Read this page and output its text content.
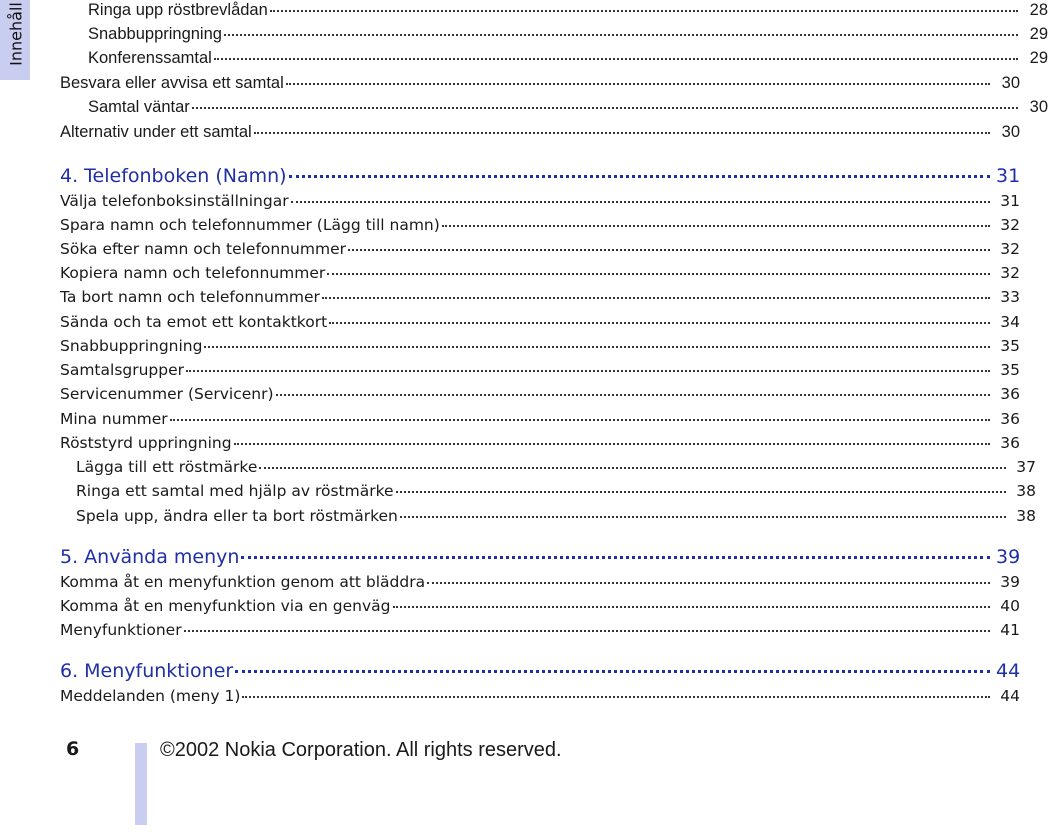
Innehåll	Ringa upp röstbrevlådan	28
Snabbuppringning	29
Konferenssamtal	29
Besvara eller avvisa ett samtal	30
Samtal väntar	30
Alternativ under ett samtal	30
4. Telefonboken (Namn)	31
Välja telefonboksinställningar	31
Spara namn och telefonnummer (Lägg till namn)	32
Söka efter namn och telefonnummer	32
Kopiera namn och telefonnummer	32
Ta bort namn och telefonnummer	33
Sända och ta emot ett kontaktkort	34
Snabbuppringning	35
Samtalsgrupper	35
Servicenummer (Servicenr)	36
Mina nummer	36
Röststyrd uppringning	36
Lägga till ett röstmärke	37
Ringa ett samtal med hjälp av röstmärke	38
Spela upp, ändra eller ta bort röstmärken	38
5. Använda menyn	39
Komma åt en menyfunktion genom att bläddra	39
Komma åt en menyfunktion via en genväg	40
Menyfunktioner	41
6. Menyfunktioner	44
Meddelanden (meny 1)	44
6	©2002 Nokia Corporation. All rights reserved.
